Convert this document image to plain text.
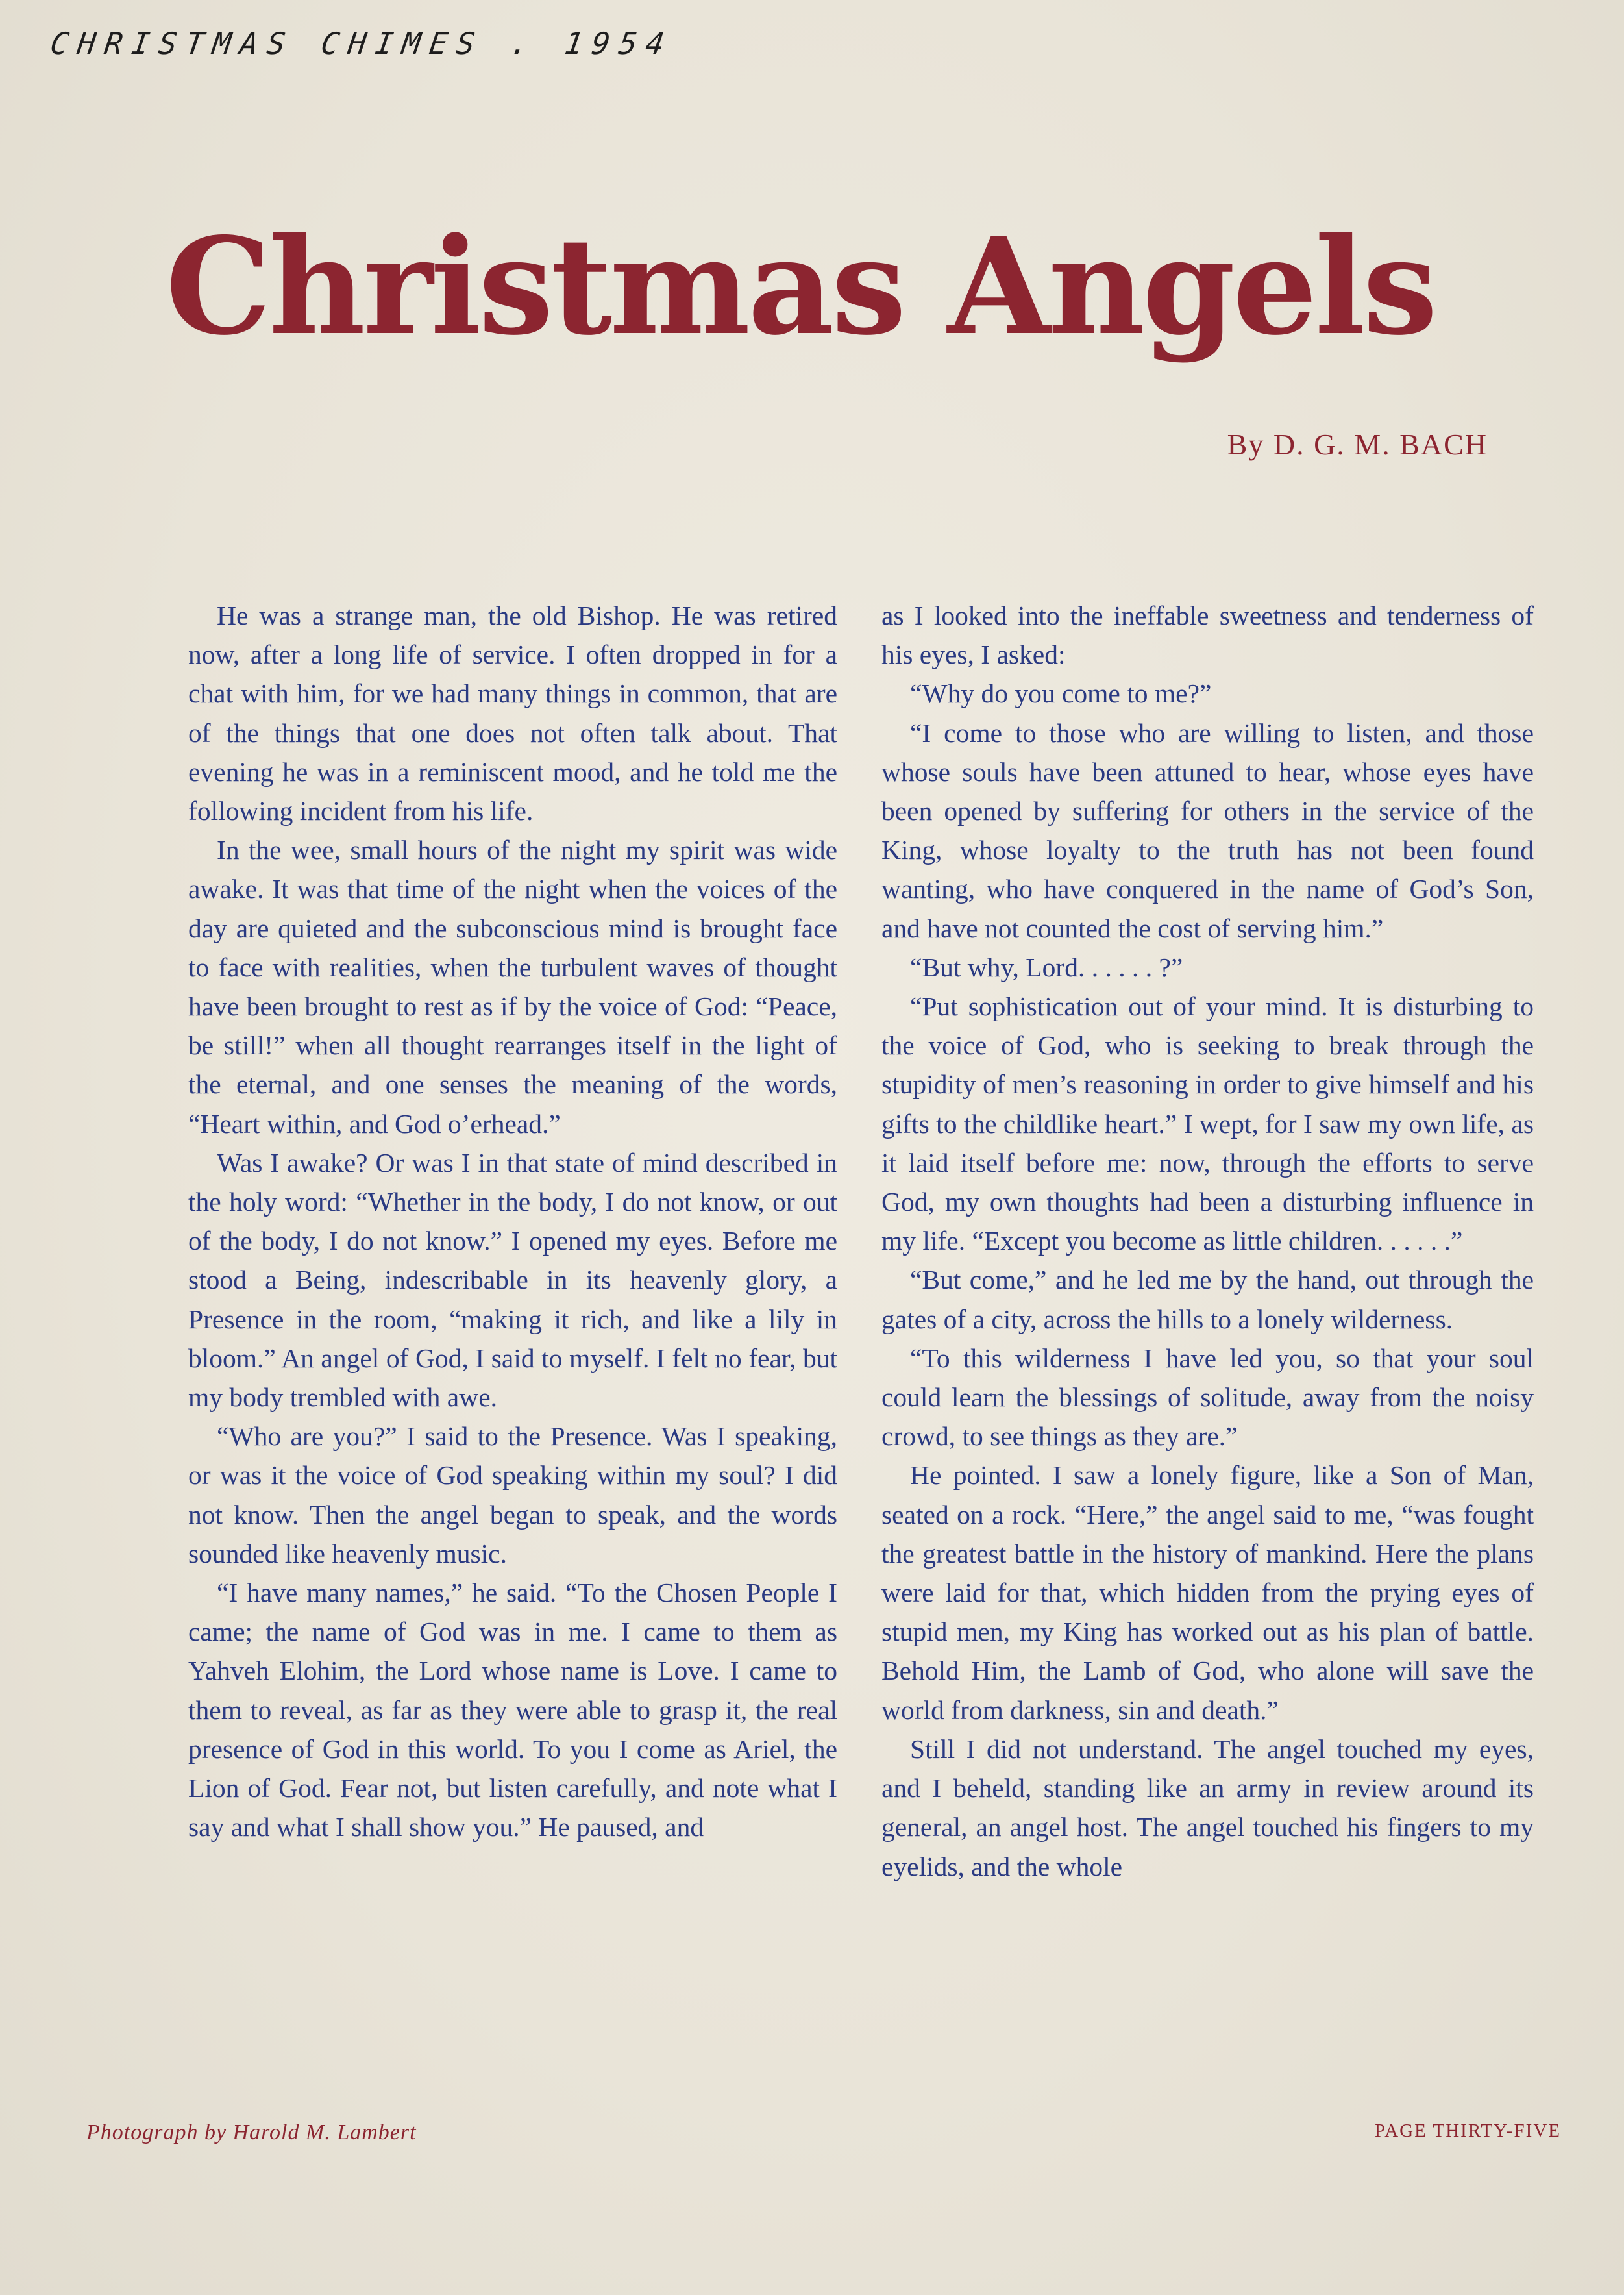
CHRISTMAS CHIMES . 1954
Christmas Angels
By D. G. M. BACH

He was a strange man, the old Bishop. He was retired now, after a long life of service. I often dropped in for a chat with him, for we had many things in common, that are of the things that one does not often talk about. That evening he was in a reminiscent mood, and he told me the following incident from his life.

In the wee, small hours of the night my spirit was wide awake. It was that time of the night when the voices of the day are quieted and the subconscious mind is brought face to face with realities, when the turbulent waves of thought have been brought to rest as if by the voice of God: “Peace, be still!” when all thought rearranges itself in the light of the eternal, and one senses the meaning of the words, “Heart within, and God o’erhead.”

Was I awake? Or was I in that state of mind described in the holy word: “Whether in the body, I do not know, or out of the body, I do not know.” I opened my eyes. Before me stood a Being, indescribable in its heavenly glory, a Presence in the room, “making it rich, and like a lily in bloom.” An angel of God, I said to myself. I felt no fear, but my body trembled with awe.

“Who are you?” I said to the Presence. Was I speaking, or was it the voice of God speaking within my soul? I did not know. Then the angel began to speak, and the words sounded like heavenly music.

“I have many names,” he said. “To the Chosen People I came; the name of God was in me. I came to them as Yahveh Elohim, the Lord whose name is Love. I came to them to reveal, as far as they were able to grasp it, the real presence of God in this world. To you I come as Ariel, the Lion of God. Fear not, but listen carefully, and note what I say and what I shall show you.” He paused, and

as I looked into the ineffable sweetness and tenderness of his eyes, I asked:

“Why do you come to me?”

“I come to those who are willing to listen, and those whose souls have been attuned to hear, whose eyes have been opened by suffering for others in the service of the King, whose loyalty to the truth has not been found wanting, who have conquered in the name of God’s Son, and have not counted the cost of serving him.”

“But why, Lord. . . . . . ?”

“Put sophistication out of your mind. It is disturbing to the voice of God, who is seeking to break through the stupidity of men’s reasoning in order to give himself and his gifts to the childlike heart.” I wept, for I saw my own life, as it laid itself before me: now, through the efforts to serve God, my own thoughts had been a disturbing influence in my life. “Except you become as little children. . . . . .”

“But come,” and he led me by the hand, out through the gates of a city, across the hills to a lonely wilderness.

“To this wilderness I have led you, so that your soul could learn the blessings of solitude, away from the noisy crowd, to see things as they are.”

He pointed. I saw a lonely figure, like a Son of Man, seated on a rock. “Here,” the angel said to me, “was fought the greatest battle in the history of mankind. Here the plans were laid for that, which hidden from the prying eyes of stupid men, my King has worked out as his plan of battle. Behold Him, the Lamb of God, who alone will save the world from darkness, sin and death.”

Still I did not understand. The angel touched my eyes, and I beheld, standing like an army in review around its general, an angel host. The angel touched his fingers to my eyelids, and the whole

Photograph by Harold M. Lambert	PAGE THIRTY-FIVE
